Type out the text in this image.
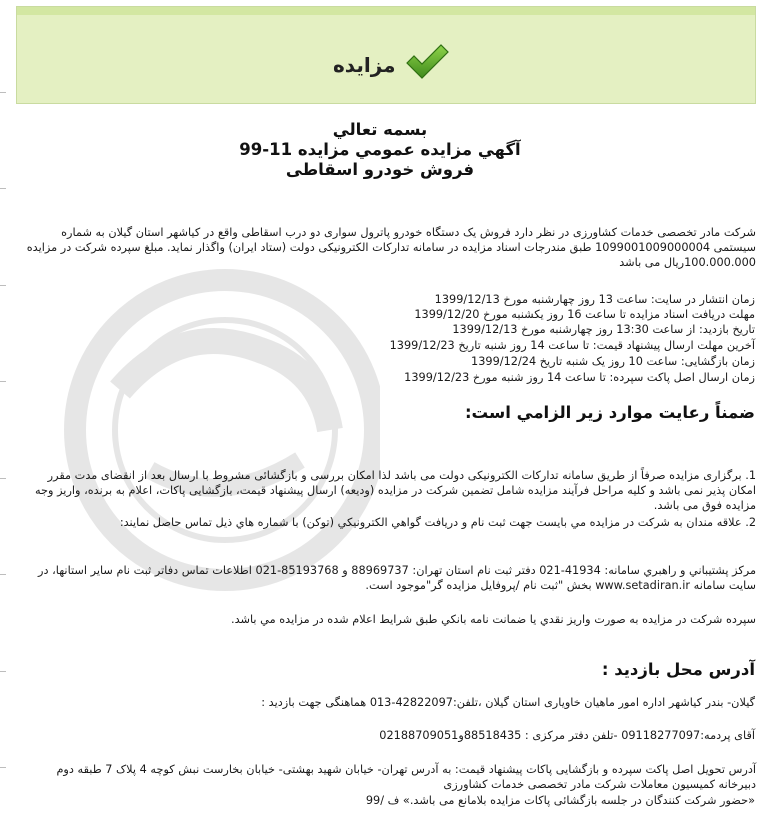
مزایده
بسمه تعالي
آگهي مزايده عمومي مزايده 11-99
فروش خودرو اسقاطی
شرکت مادر تخصصی خدمات کشاورزی در نظر دارد فروش یک دستگاه خودرو پاترول سواری دو درب اسقاطی واقع در کیاشهر استان گیلان به شماره سیستمی 1099001009000004 طبق مندرجات اسناد مزایده در سامانه تدارکات الکترونیکی دولت (ستاد ایران) واگذار نماید. مبلغ سپرده شرکت در مزایده 100.000.000ریال می باشد
زمان انتشار در سایت: ساعت 13 روز چهارشنبه مورخ 1399/12/13
مهلت دریافت اسناد مزایده تا ساعت 16 روز یکشنبه مورخ 1399/12/20
تاریخ بازدید: از ساعت 13:30 روز چهارشنبه مورخ 1399/12/13
آخرین مهلت ارسال پیشنهاد قیمت: تا ساعت 14 روز شنبه تاریخ 1399/12/23
زمان بازگشایی: ساعت 10 روز یک شنبه تاریخ 1399/12/24
زمان ارسال اصل پاکت سپرده: تا ساعت 14 روز شنبه مورخ 1399/12/23
ضمناً رعايت موارد زير الزامي است:
1. برگزاری مزایده صرفاً از طریق سامانه تدارکات الکترونیکی دولت می باشد لذا امکان بررسی و بازگشائی مشروط با ارسال بعد از انقضای مدت مقرر امکان پذیر نمی باشد و کلیه مراحل فرآیند مزایده شامل تضمین شرکت در مزایده (ودیعه) ارسال پیشنهاد قیمت، بازگشایی پاکات، اعلام به برنده، واریز وجه مزایده فوق می باشد.
2. علاقه مندان به شرکت در مزايده مي بايست جهت ثبت نام و دريافت گواهي الکترونيکي (توکن) با شماره هاي ذيل تماس حاصل نمايند:
مرکز پشتيباني و راهبري سامانه: 41934-021 دفتر ثبت نام استان تهران: 88969737 و 85193768-021 اطلاعات تماس دفاتر ثبت نام ساير استانها، در سايت سامانه www.setadiran.ir بخش "ثبت نام /پروفايل مزايده گر"موجود است.
سپرده شرکت در مزایده به صورت واریز نقدي یا ضمانت نامه بانکي طبق شرایط اعلام شده در مزایده مي باشد.
آدرس محل بازدید :
گیلان- بندر کیاشهر اداره امور ماهیان خاویاری استان گیلان ،تلفن:42822097-013 هماهنگی جهت بازدید :
آقای پردمه:09118277097 -تلفن دفتر مرکزی : 88518435و02188709051
آدرس تحویل اصل پاکت سپرده و بازگشایی پاکات پیشنهاد قیمت: به آدرس تهران- خیابان شهید بهشتی- خیابان بخارست نبش کوچه 4 پلاک 7 طبقه دوم دبیرخانه کمیسیون معاملات شرکت مادر تخصصی خدمات کشاورزی
«حضور شرکت کنندگان در جلسه بازگشائی پاکات مزایده بلامانع می باشد.» ف /99
